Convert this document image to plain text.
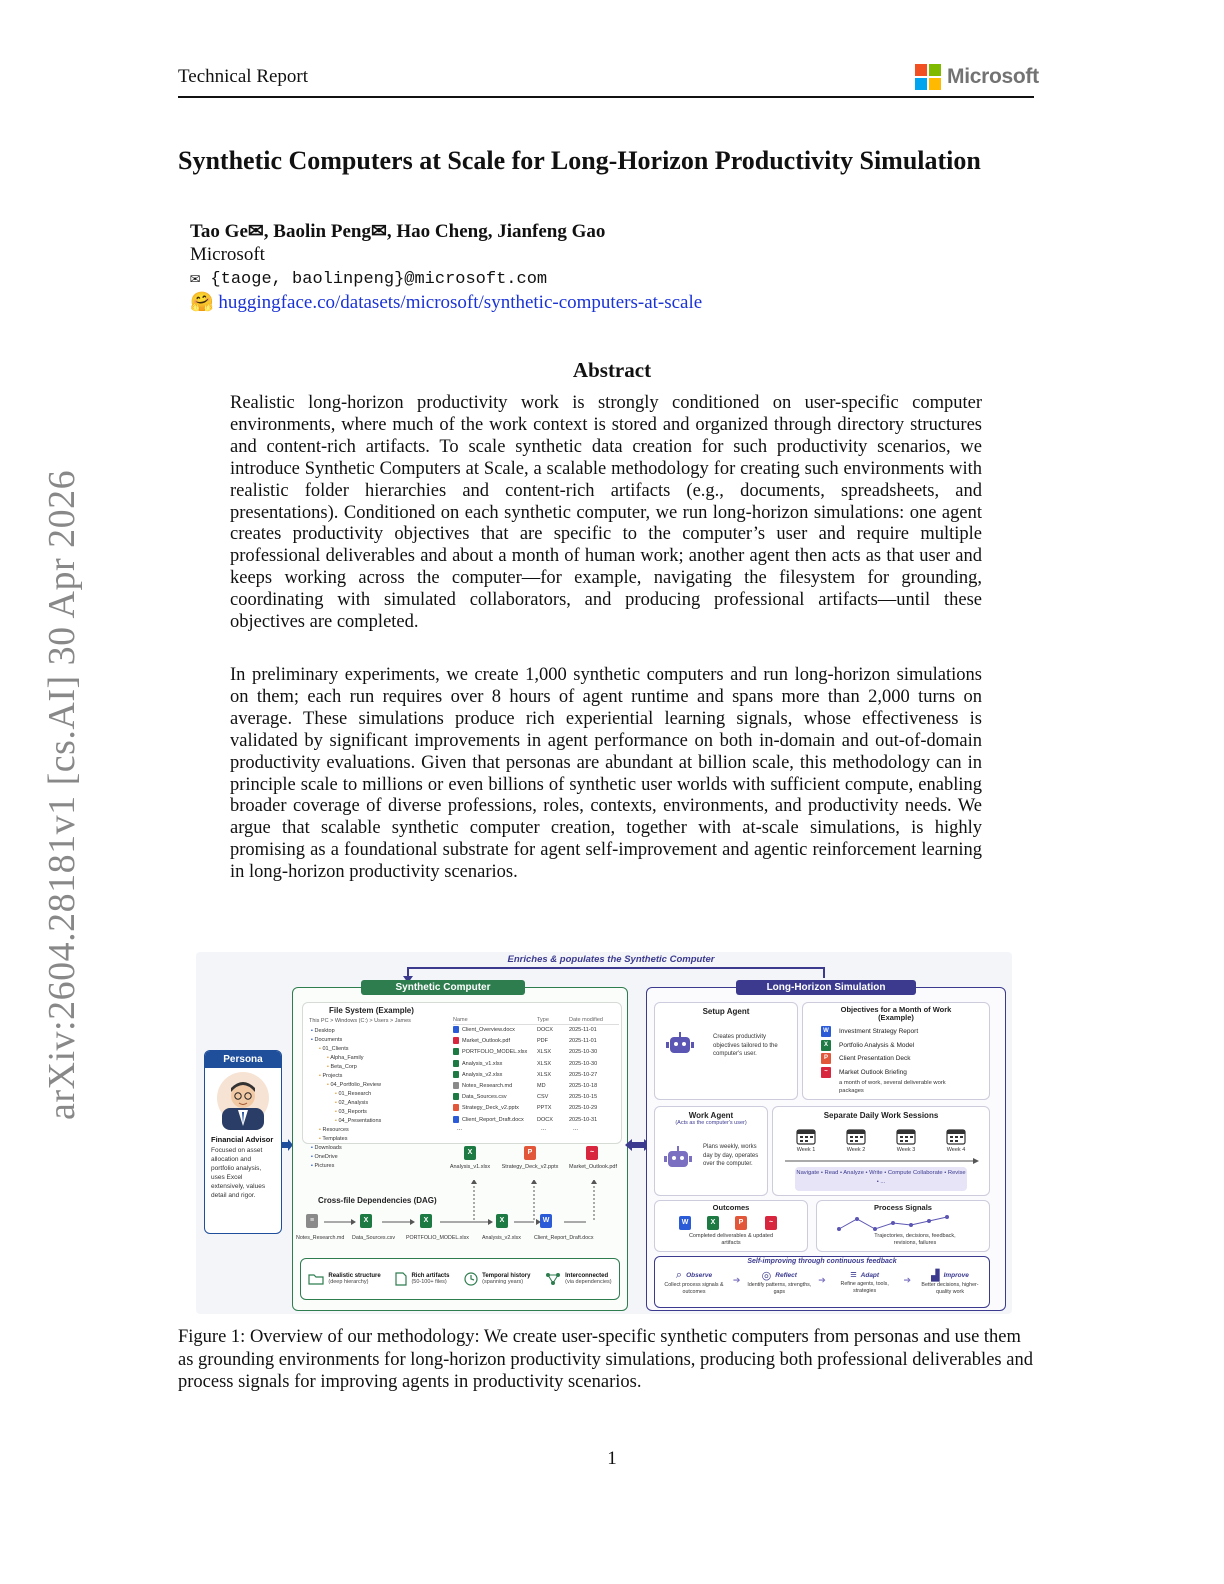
Technical Report	Microsoft
arXiv:2604.28181v1 [cs.AI] 30 Apr 2026
Synthetic Computers at Scale for Long-Horizon Productivity Simulation
Tao Ge✉, Baolin Peng✉, Hao Cheng, Jianfeng Gao
Microsoft
✉ {taoge, baolinpeng}@microsoft.com
🤗 huggingface.co/datasets/microsoft/synthetic-computers-at-scale
Abstract
Realistic long-horizon productivity work is strongly conditioned on user-specific computer environments, where much of the work context is stored and organized through directory structures and content-rich artifacts. To scale synthetic data creation for such productivity scenarios, we introduce Synthetic Computers at Scale, a scalable methodology for creating such environments with realistic folder hierarchies and content-rich artifacts (e.g., documents, spreadsheets, and presentations). Conditioned on each synthetic computer, we run long-horizon simulations: one agent creates productivity objectives that are specific to the computer’s user and require multiple professional deliverables and about a month of human work; another agent then acts as that user and keeps working across the computer—for example, navigating the filesystem for grounding, coordinating with simulated collaborators, and producing professional artifacts—until these objectives are completed.
In preliminary experiments, we create 1,000 synthetic computers and run long-horizon simulations on them; each run requires over 8 hours of agent runtime and spans more than 2,000 turns on average. These simulations produce rich experiential learning signals, whose effectiveness is validated by significant improvements in agent performance on both in-domain and out-of-domain productivity evaluations. Given that personas are abundant at billion scale, this methodology can in principle scale to millions or even billions of synthetic user worlds with sufficient compute, enabling broader coverage of diverse professions, roles, contexts, environments, and productivity needs. We argue that scalable synthetic computer creation, together with at-scale simulations, is highly promising as a foundational substrate for agent self-improvement and agentic reinforcement learning in long-horizon productivity scenarios.
Enriches & populates the Synthetic Computer
Persona
Financial Advisor
Focused on asset allocation and portfolio analysis, uses Excel extensively, values detail and rigor.
Synthetic Computer
File System (Example)
This PC > Windows (C:) > Users > James
▪ Desktop
▪ Documents
▪ 01_Clients
▪ Alpha_Family
▪ Beta_Corp
▪ Projects
▪ 04_Portfolio_Review
▪ 01_Research
▪ 02_Analysis
▪ 03_Reports
▪ 04_Presentations
▪ Resources
▪ Templates
▪ Downloads
▪ OneDrive
▪ Pictures
Name	Type	Date modified
Client_Overview.docx	DOCX	2025-11-01
Market_Outlook.pdf	PDF	2025-11-01
PORTFOLIO_MODEL.xlsx	XLSX	2025-10-30
Analysis_v1.xlsx	XLSX	2025-10-30
Analysis_v2.xlsx	XLSX	2025-10-27
Notes_Research.md	MD	2025-10-18
Data_Sources.csv	CSV	2025-10-15
Strategy_Deck_v2.pptx	PPTX	2025-10-29
Client_Report_Draft.docx	DOCX	2025-10-31
...	...	...
X	P	~
Analysis_v1.xlsx	Strategy_Deck_v2.pptx	Market_Outlook.pdf
Cross-file Dependencies (DAG)
≡	X	X	X	W
Notes_Research.md Data_Sources.csv PORTFOLIO_MODEL.xlsx Analysis_v2.xlsx Client_Report_Draft.docx
Realistic structure
(deep hierarchy)
Rich artifacts
(50-100+ files)
Temporal history
(spanning years)
Interconnected
(via dependencies)
Long-Horizon Simulation
Setup Agent
Creates productivity objectives tailored to the computer's user.
Objectives for a Month of Work (Example)
W	Investment Strategy Report
X	Portfolio Analysis & Model
P	Client Presentation Deck
~	Market Outlook Briefing
a month of work, several deliverable work packages
Work Agent
(Acts as the computer's user)
Plans weekly, works day by day, operates over the computer.
Separate Daily Work Sessions
Week 1	Week 2	Week 3	Week 4
Navigate • Read • Analyze • Write • Compute Collaborate • Revise • ...
Outcomes
W	X	P	~
Completed deliverables & updated artifacts
Process Signals
Trajectories, decisions, feedback, revisions, failures
Self-improving through continuous feedback
⌕ Observe
Collect process signals & outcomes
➔ ◎ Reflect
Identify patterns, strengths, gaps
➔ ≡ Adapt
Refine agents, tools, strategies
➔ ▟ Improve
Better decisions, higher-quality work
Figure 1: Overview of our methodology: We create user-specific synthetic computers from personas and use them as grounding environments for long-horizon productivity simulations, producing both professional deliverables and process signals for improving agents in productivity scenarios.
1
